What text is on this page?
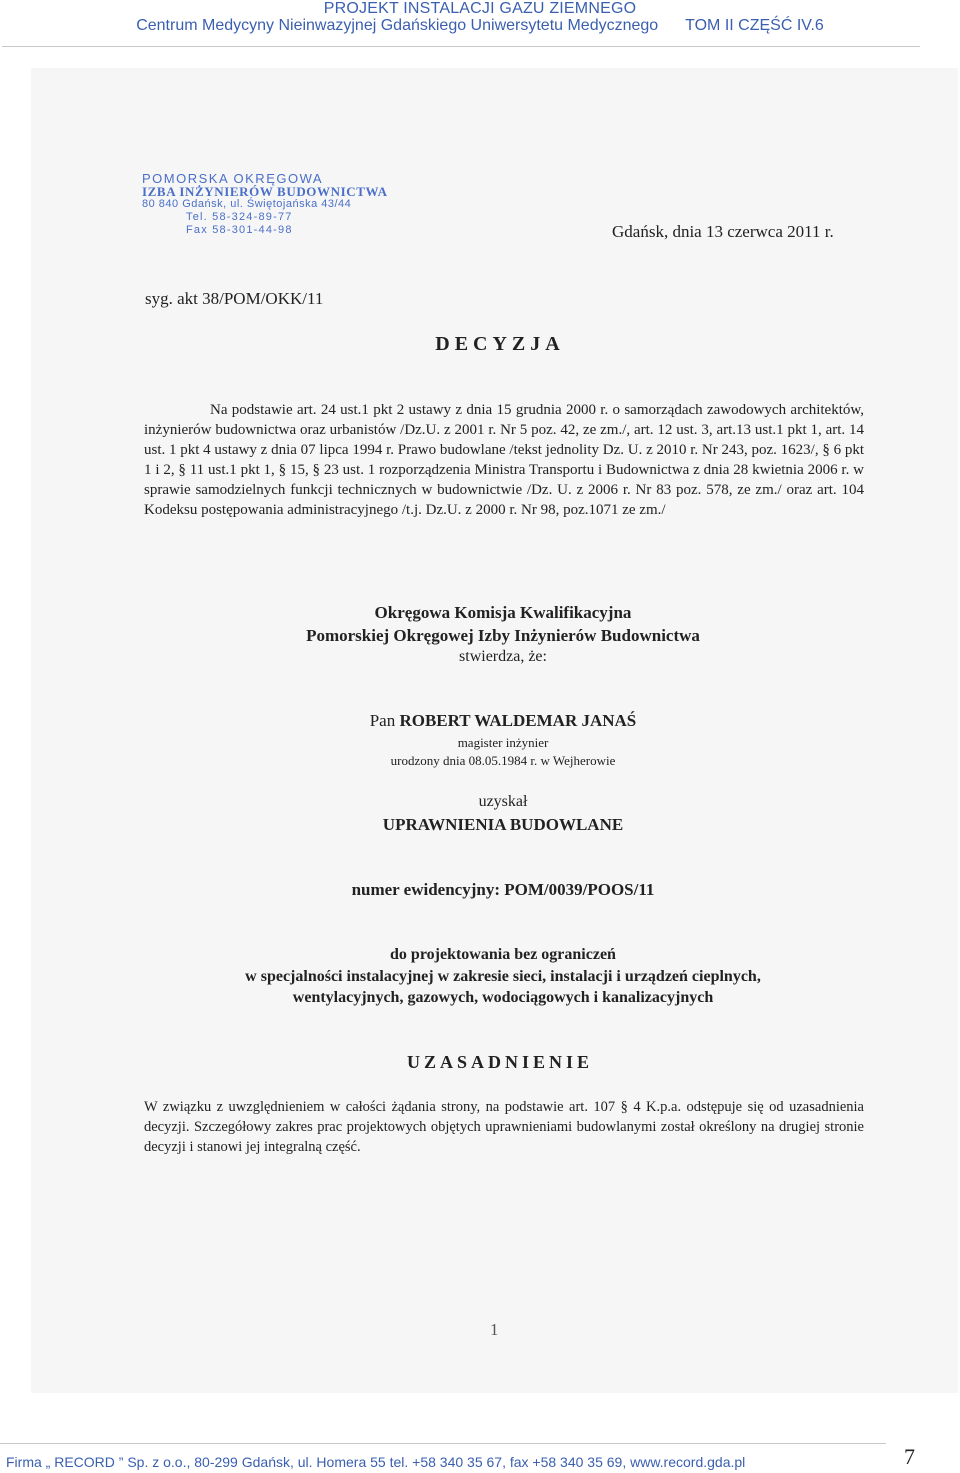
PROJEKT INSTALACJI GAZU ZIEMNEGO
Centrum Medycyny Nieinwazyjnej Gdańskiego Uniwersytetu Medycznego TOM II CZĘŚĆ IV.6
POMORSKA OKRĘGOWA
IZBA INŻYNIERÓW BUDOWNICTWA
80 840 Gdańsk, ul. Świętojańska 43/44
Tel. 58-324-89-77
Fax 58-301-44-98	Gdańsk, dnia 13 czerwca 2011 r.
syg. akt 38/POM/OKK/11
DECYZJA
Na podstawie art. 24 ust.1 pkt 2 ustawy z dnia 15 grudnia 2000 r. o samorządach zawodowych architektów, inżynierów budownictwa oraz urbanistów /Dz.U. z 2001 r. Nr 5 poz. 42, ze zm./, art. 12 ust. 3, art.13 ust.1 pkt 1, art. 14 ust. 1 pkt 4 ustawy z dnia 07 lipca 1994 r. Prawo budowlane /tekst jednolity Dz. U. z 2010 r. Nr 243, poz. 1623/, § 6 pkt 1 i 2, § 11 ust.1 pkt 1, § 15, § 23 ust. 1 rozporządzenia Ministra Transportu i Budownictwa z dnia 28 kwietnia 2006 r. w sprawie samodzielnych funkcji technicznych w budownictwie /Dz. U. z 2006 r. Nr 83 poz. 578, ze zm./ oraz art. 104 Kodeksu postępowania administracyjnego /t.j. Dz.U. z 2000 r. Nr 98, poz.1071 ze zm./
Okręgowa Komisja Kwalifikacyjna
Pomorskiej Okręgowej Izby Inżynierów Budownictwa
stwierdza, że:
Pan ROBERT WALDEMAR JANAŚ
magister inżynier
urodzony dnia 08.05.1984 r. w Wejherowie
uzyskał
UPRAWNIENIA BUDOWLANE
numer ewidencyjny: POM/0039/POOS/11
do projektowania bez ograniczeń
w specjalności instalacyjnej w zakresie sieci, instalacji i urządzeń cieplnych,
wentylacyjnych, gazowych, wodociągowych i kanalizacyjnych
UZASADNIENIE
W związku z uwzględnieniem w całości żądania strony, na podstawie art. 107 § 4 K.p.a. odstępuje się od uzasadnienia decyzji. Szczegółowy zakres prac projektowych objętych uprawnieniami budowlanymi został określony na drugiej stronie decyzji i stanowi jej integralną część.
1
Firma „ RECORD ” Sp. z o.o., 80-299 Gdańsk, ul. Homera 55 tel. +58 340 35 67, fax +58 340 35 69, www.record.gda.pl	7
